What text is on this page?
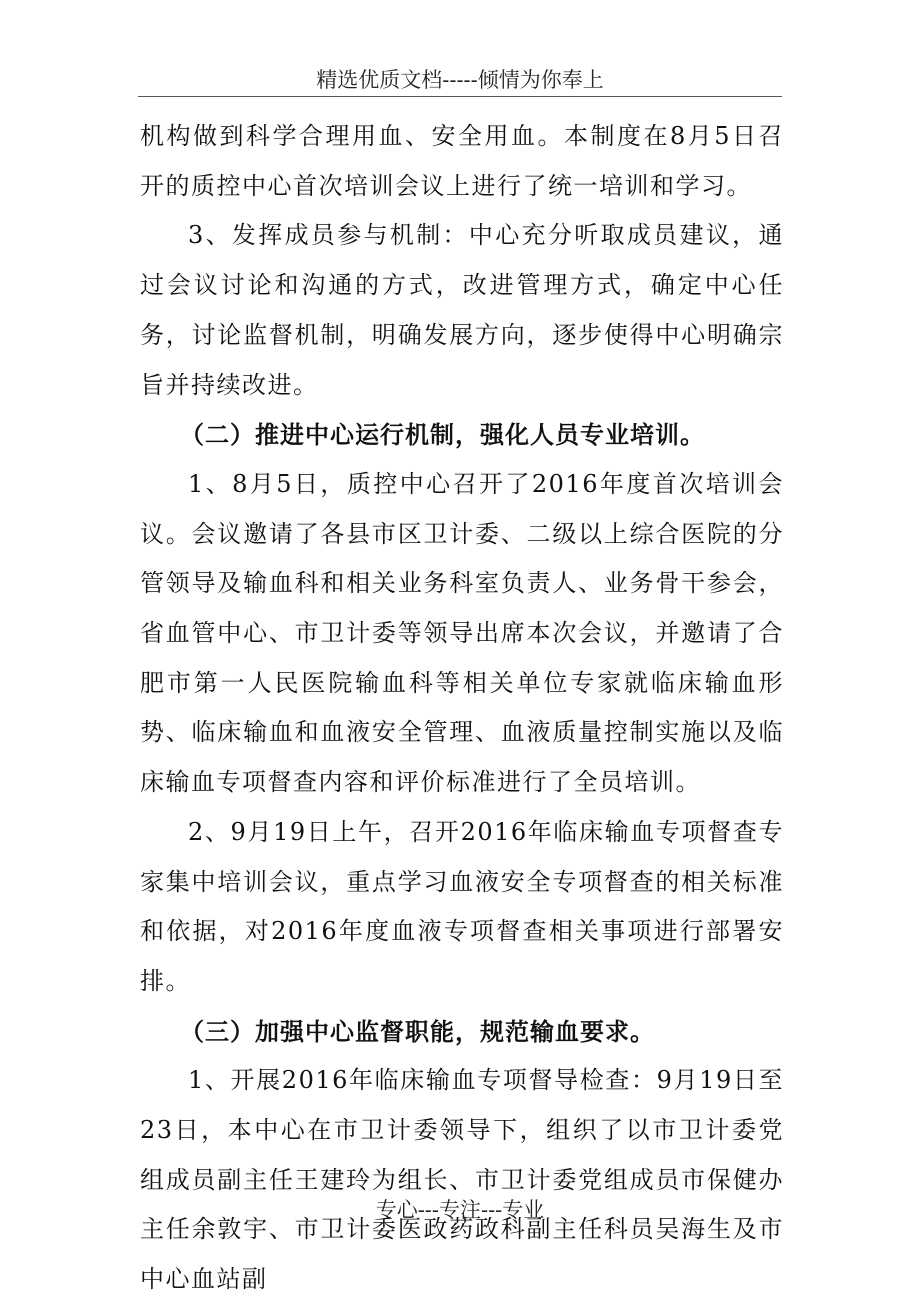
精选优质文档-----倾情为你奉上

机构做到科学合理用血、安全用血。本制度在8月5日召开的质控中心首次培训会议上进行了统一培训和学习。

3、发挥成员参与机制：中心充分听取成员建议，通过会议讨论和沟通的方式，改进管理方式，确定中心任务，讨论监督机制，明确发展方向，逐步使得中心明确宗旨并持续改进。

（二）推进中心运行机制，强化人员专业培训。

1、8月5日，质控中心召开了2016年度首次培训会议。会议邀请了各县市区卫计委、二级以上综合医院的分管领导及输血科和相关业务科室负责人、业务骨干参会，省血管中心、市卫计委等领导出席本次会议，并邀请了合肥市第一人民医院输血科等相关单位专家就临床输血形势、临床输血和血液安全管理、血液质量控制实施以及临床输血专项督查内容和评价标准进行了全员培训。

2、9月19日上午，召开2016年临床输血专项督查专家集中培训会议，重点学习血液安全专项督查的相关标准和依据，对2016年度血液专项督查相关事项进行部署安排。

（三）加强中心监督职能，规范输血要求。

1、开展2016年临床输血专项督导检查：9月19日至23日，本中心在市卫计委领导下，组织了以市卫计委党组成员副主任王建玲为组长、市卫计委党组成员市保健办主任余敦宇、市卫计委医政药政科副主任科员吴海生及市中心血站副

专心---专注---专业
